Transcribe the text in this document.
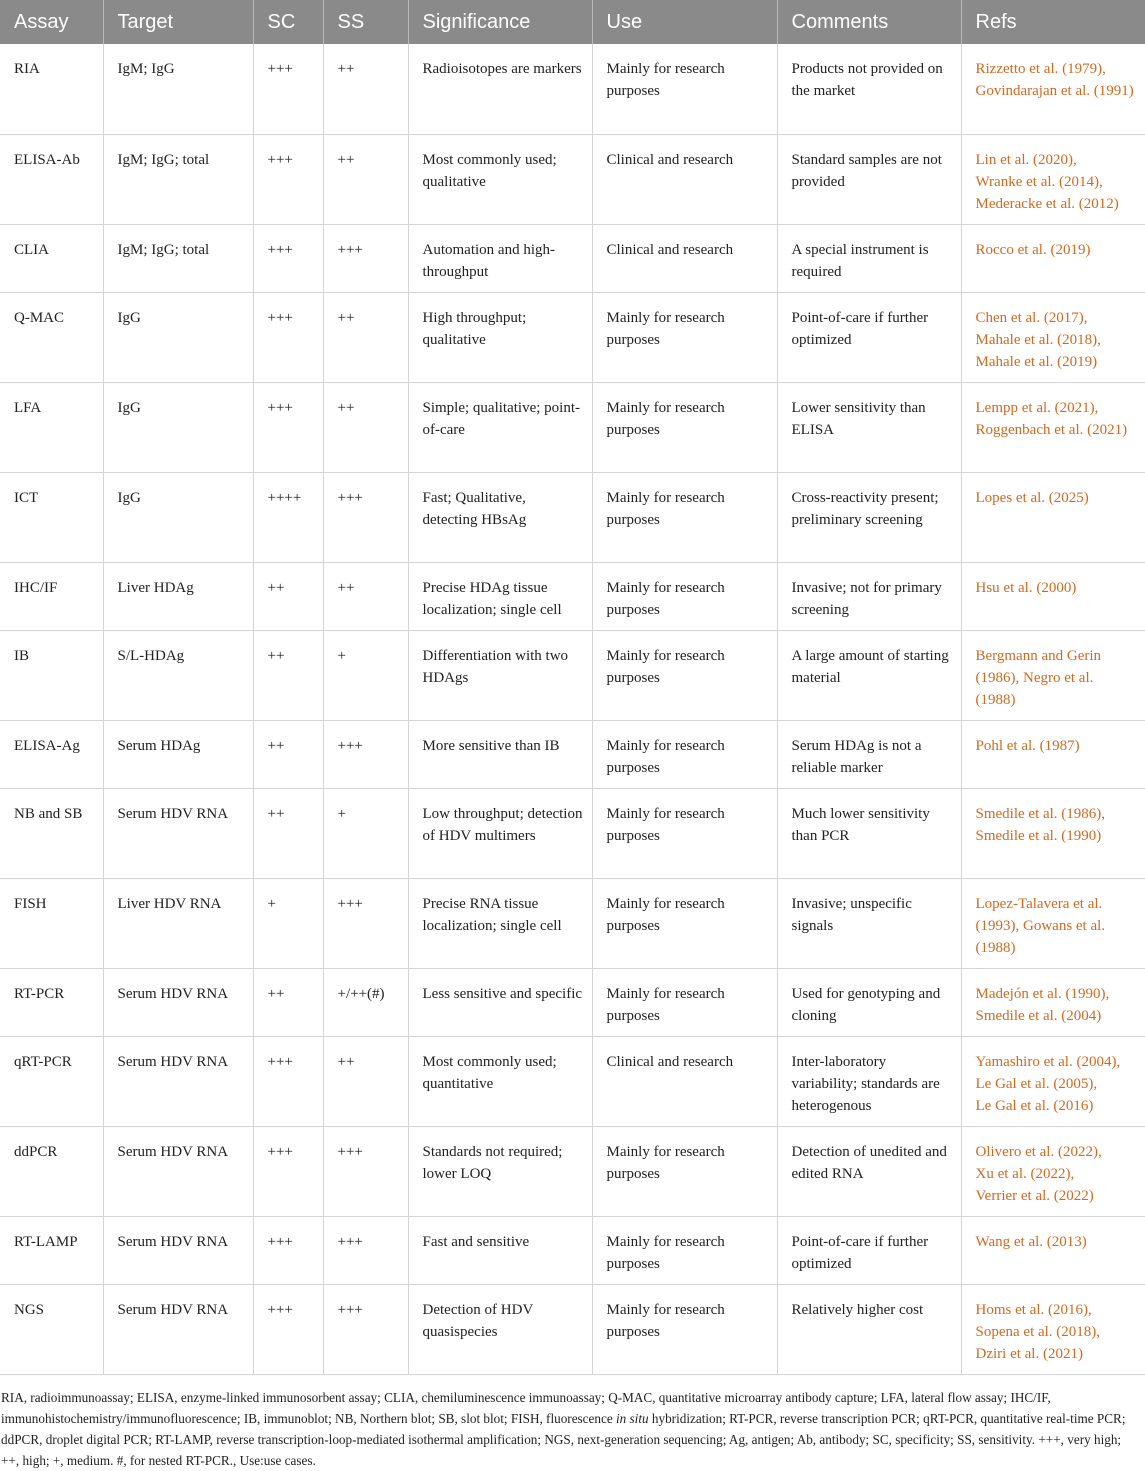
Assay	Target	SC	SS	Significance	Use	Comments	Refs
RIA	IgM; IgG	+++	++	Radioisotopes are markers	Mainly for research purposes	Products not provided on the market	Rizzetto et al. (1979),
Govindarajan et al. (1991)

ELISA-Ab	IgM; IgG; total	+++	++	Most commonly used; qualitative	Clinical and research	Standard samples are not provided	Lin et al. (2020),
Wranke et al. (2014),
Mederacke et al. (2012)

CLIA	IgM; IgG; total	+++	+++	Automation and high-throughput	Clinical and research	A special instrument is required	Rocco et al. (2019)

Q-MAC	IgG	+++	++	High throughput; qualitative	Mainly for research purposes	Point-of-care if further optimized	Chen et al. (2017),
Mahale et al. (2018),
Mahale et al. (2019)

LFA	IgG	+++	++	Simple; qualitative; point-of-care	Mainly for research purposes	Lower sensitivity than ELISA	Lempp et al. (2021),
Roggenbach et al. (2021)

ICT	IgG	++++	+++	Fast; Qualitative, detecting HBsAg	Mainly for research purposes	Cross-reactivity present; preliminary screening	Lopes et al. (2025)

IHC/IF	Liver HDAg	++	++	Precise HDAg tissue localization; single cell	Mainly for research purposes	Invasive; not for primary screening	Hsu et al. (2000)

IB	S/L-HDAg	++	+	Differentiation with two HDAgs	Mainly for research purposes	A large amount of starting material	Bergmann and Gerin (1986), Negro et al. (1988)

ELISA-Ag	Serum HDAg	++	+++	More sensitive than IB	Mainly for research purposes	Serum HDAg is not a reliable marker	Pohl et al. (1987)

NB and SB	Serum HDV RNA	++	+	Low throughput; detection of HDV multimers	Mainly for research purposes	Much lower sensitivity than PCR	Smedile et al. (1986),
Smedile et al. (1990)

FISH	Liver HDV RNA	+	+++	Precise RNA tissue localization; single cell	Mainly for research purposes	Invasive; unspecific signals	Lopez-Talavera et al. (1993), Gowans et al. (1988)

RT-PCR	Serum HDV RNA	++	+/++(#)	Less sensitive and specific	Mainly for research purposes	Used for genotyping and cloning	Madejón et al. (1990),
Smedile et al. (2004)

qRT-PCR	Serum HDV RNA	+++	++	Most commonly used; quantitative	Clinical and research	Inter-laboratory variability; standards are heterogenous	Yamashiro et al. (2004),
Le Gal et al. (2005),
Le Gal et al. (2016)

ddPCR	Serum HDV RNA	+++	+++	Standards not required; lower LOQ	Mainly for research purposes	Detection of unedited and edited RNA	Olivero et al. (2022),
Xu et al. (2022),
Verrier et al. (2022)

RT-LAMP	Serum HDV RNA	+++	+++	Fast and sensitive	Mainly for research purposes	Point-of-care if further optimized	Wang et al. (2013)

NGS	Serum HDV RNA	+++	+++	Detection of HDV quasispecies	Mainly for research purposes	Relatively higher cost	Homs et al. (2016),
Sopena et al. (2018),
Dziri et al. (2021)
RIA, radioimmunoassay; ELISA, enzyme-linked immunosorbent assay; CLIA, chemiluminescence immunoassay; Q-MAC, quantitative microarray antibody capture; LFA, lateral flow assay; IHC/IF, immunohistochemistry/immunofluorescence; IB, immunoblot; NB, Northern blot; SB, slot blot; FISH, fluorescence in situ hybridization; RT-PCR, reverse transcription PCR; qRT-PCR, quantitative real-time PCR; ddPCR, droplet digital PCR; RT-LAMP, reverse transcription-loop-mediated isothermal amplification; NGS, next-generation sequencing; Ag, antigen; Ab, antibody; SC, specificity; SS, sensitivity. +++, very high; ++, high; +, medium. #, for nested RT-PCR., Use:use cases.
